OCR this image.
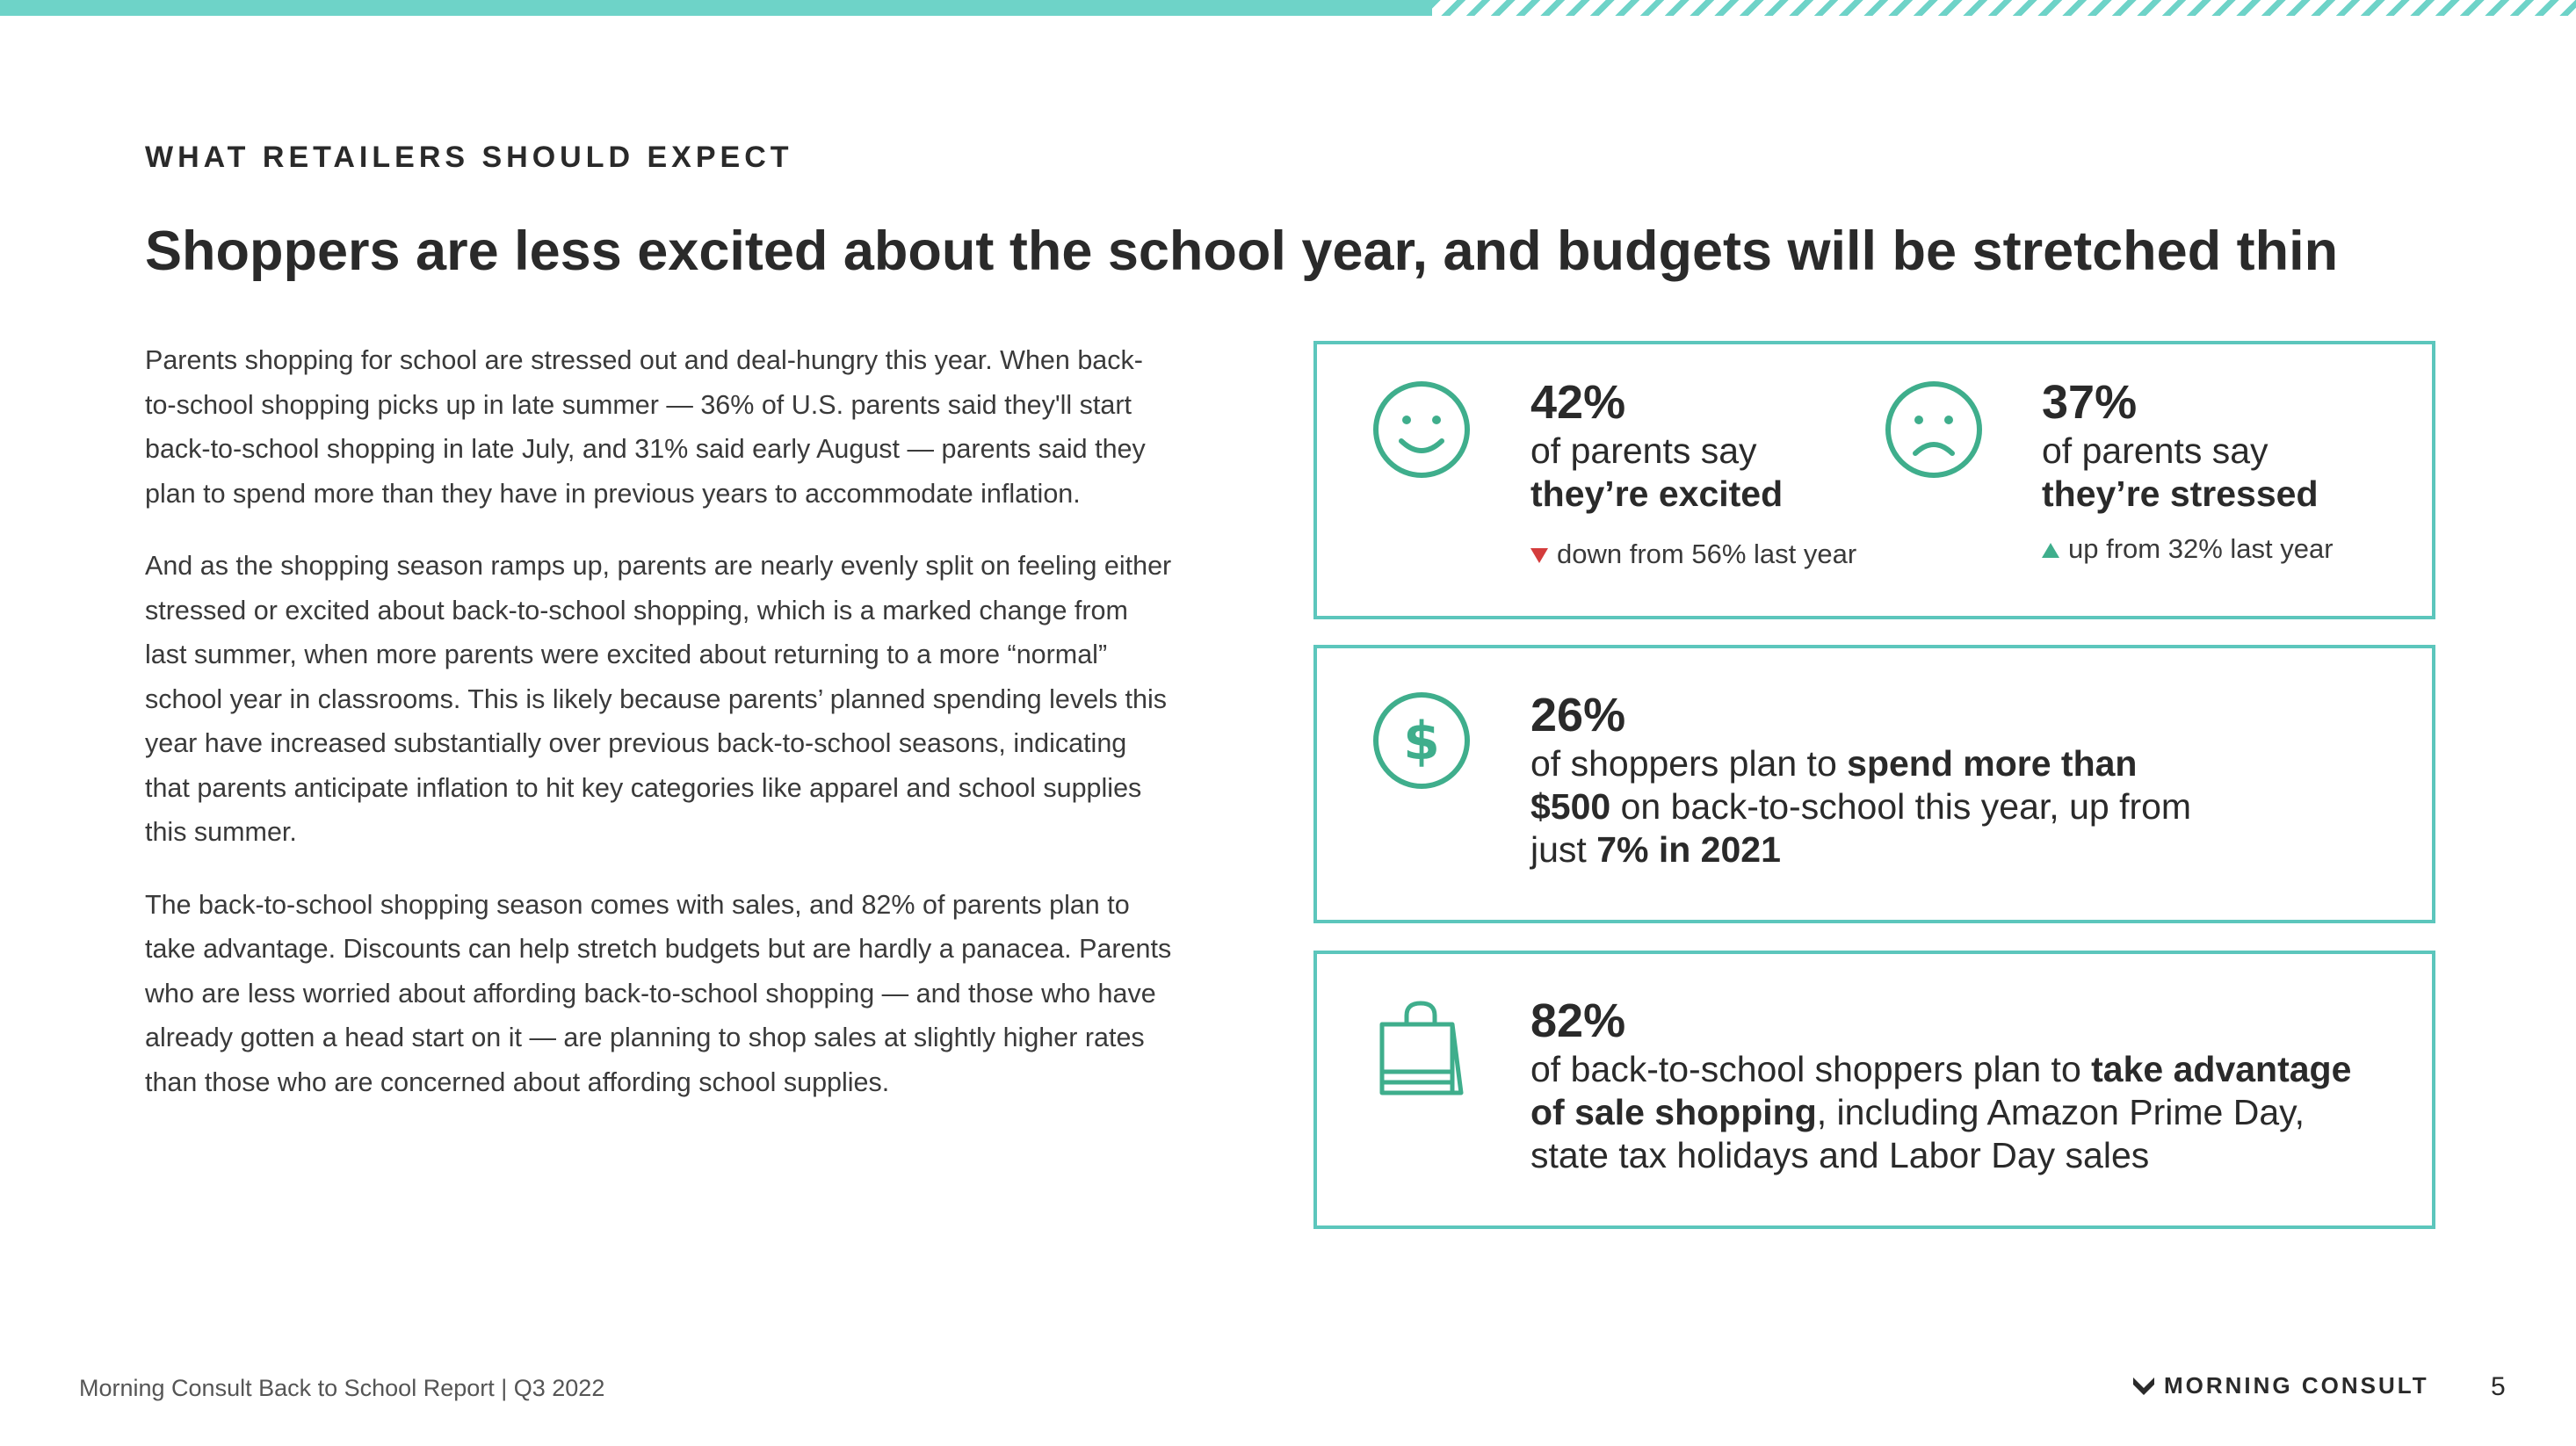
WHAT RETAILERS SHOULD EXPECT
Shoppers are less excited about the school year, and budgets will be stretched thin

Parents shopping for school are stressed out and deal-hungry this year. When back-to-school shopping picks up in late summer — 36% of U.S. parents said they'll start back-to-school shopping in late July, and 31% said early August — parents said they plan to spend more than they have in previous years to accommodate inflation.

And as the shopping season ramps up, parents are nearly evenly split on feeling either stressed or excited about back-to-school shopping, which is a marked change from last summer, when more parents were excited about returning to a more “normal” school year in classrooms. This is likely because parents’ planned spending levels this year have increased substantially over previous back-to-school seasons, indicating that parents anticipate inflation to hit key categories like apparel and school supplies this summer.

The back-to-school shopping season comes with sales, and 82% of parents plan to take advantage. Discounts can help stretch budgets but are hardly a panacea. Parents who are less worried about affording back-to-school shopping — and those who have already gotten a head start on it — are planning to shop sales at slightly higher rates than those who are concerned about affording school supplies.

42%
of parents say
they’re excited
down from 56% last year
37%
of parents say
they’re stressed
up from 32% last year
$ 26%
of shoppers plan to spend more than
$500 on back-to-school this year, up from
just 7% in 2021
82%
of back-to-school shoppers plan to take advantage
of sale shopping, including Amazon Prime Day,
state tax holidays and Labor Day sales
Morning Consult Back to School Report | Q3 2022	MORNING CONSULT 5
